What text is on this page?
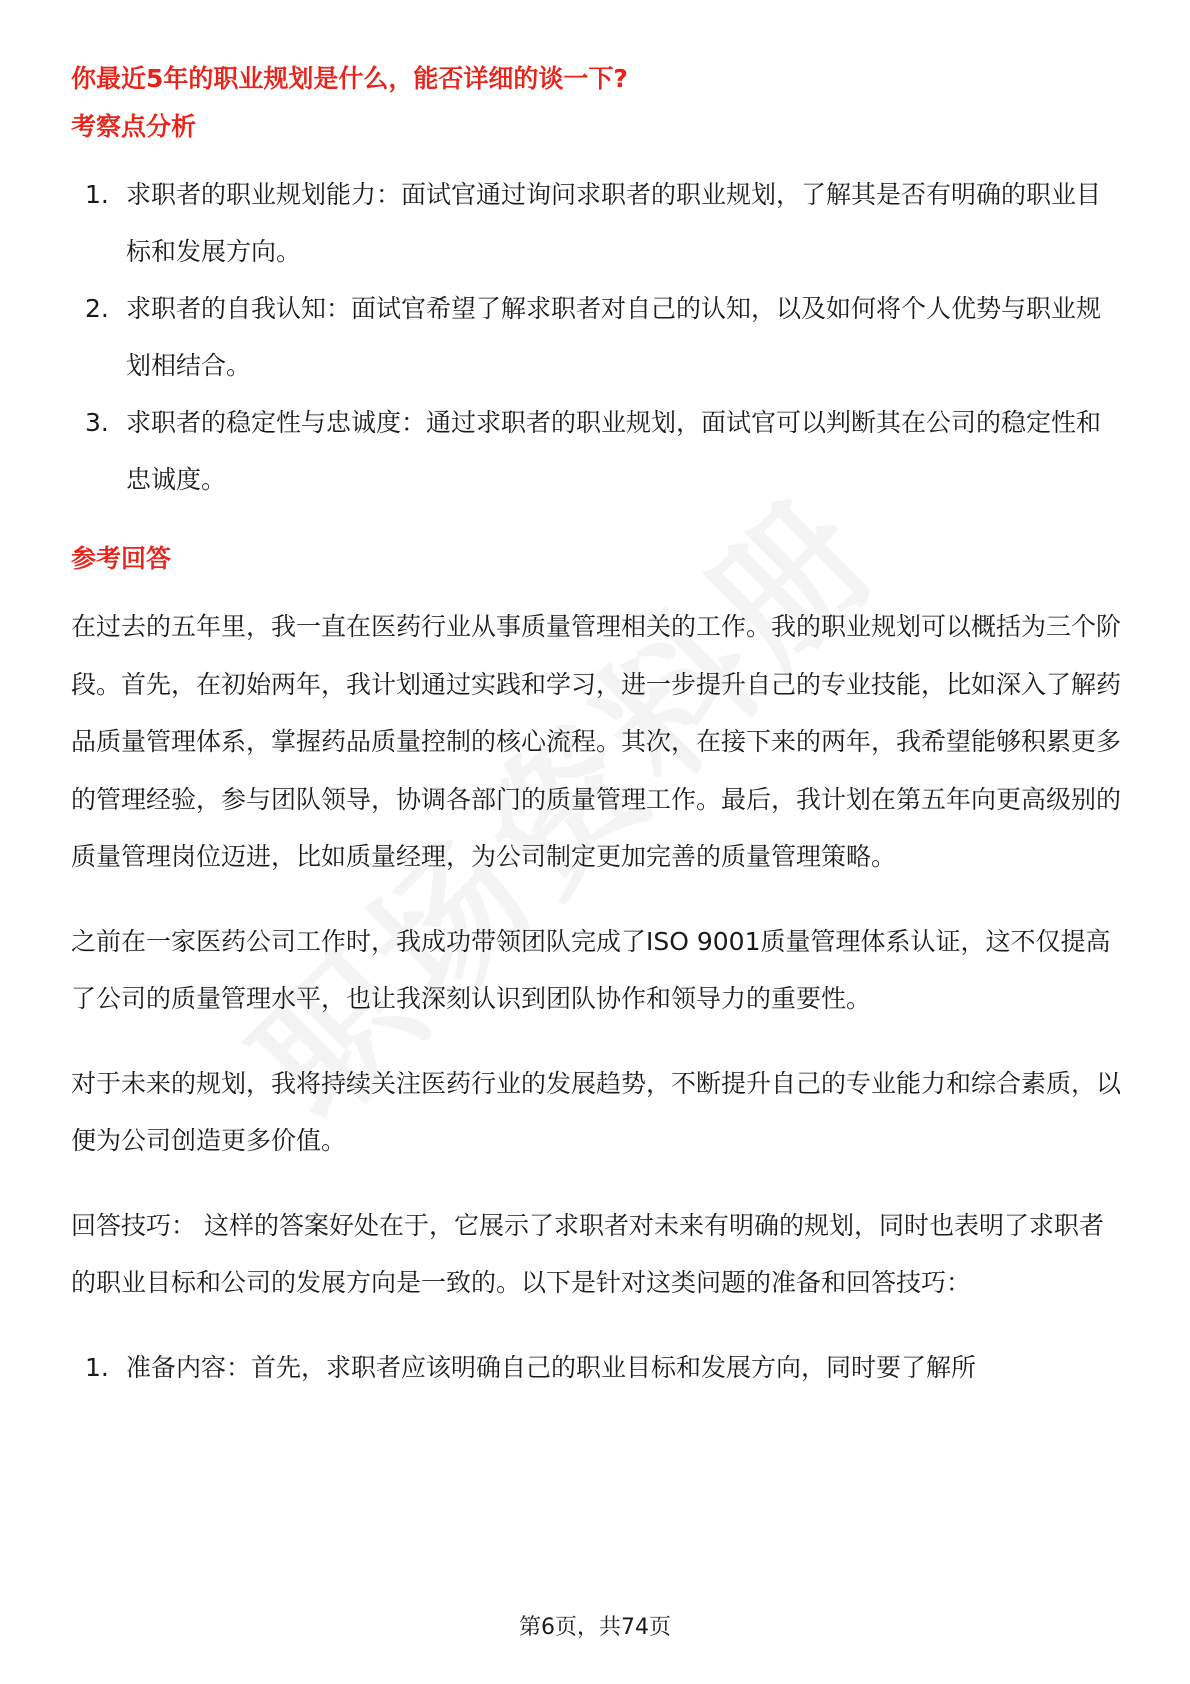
你最近5年的职业规划是什么，能否详细的谈一下?
考察点分析
1. 求职者的职业规划能力：面试官通过询问求职者的职业规划，了解其是否有明确的职业目标和发展方向。
2. 求职者的自我认知：面试官希望了解求职者对自己的认知，以及如何将个人优势与职业规划相结合。
3. 求职者的稳定性与忠诚度：通过求职者的职业规划，面试官可以判断其在公司的稳定性和忠诚度。
参考回答

在过去的五年里，我一直在医药行业从事质量管理相关的工作。我的职业规划可以概括为三个阶段。首先，在初始两年，我计划通过实践和学习，进一步提升自己的专业技能，比如深入了解药品质量管理体系，掌握药品质量控制的核心流程。其次，在接下来的两年，我希望能够积累更多的管理经验，参与团队领导，协调各部门的质量管理工作。最后，我计划在第五年向更高级别的质量管理岗位迈进，比如质量经理，为公司制定更加完善的质量管理策略。

之前在一家医药公司工作时，我成功带领团队完成了ISO 9001质量管理体系认证，这不仅提高了公司的质量管理水平，也让我深刻认识到团队协作和领导力的重要性。

对于未来的规划，我将持续关注医药行业的发展趋势，不断提升自己的专业能力和综合素质，以便为公司创造更多价值。

回答技巧： 这样的答案好处在于，它展示了求职者对未来有明确的规划，同时也表明了求职者的职业目标和公司的发展方向是一致的。以下是针对这类问题的准备和回答技巧：

1. 准备内容：首先，求职者应该明确自己的职业目标和发展方向，同时要了解所
第6页，共74页
